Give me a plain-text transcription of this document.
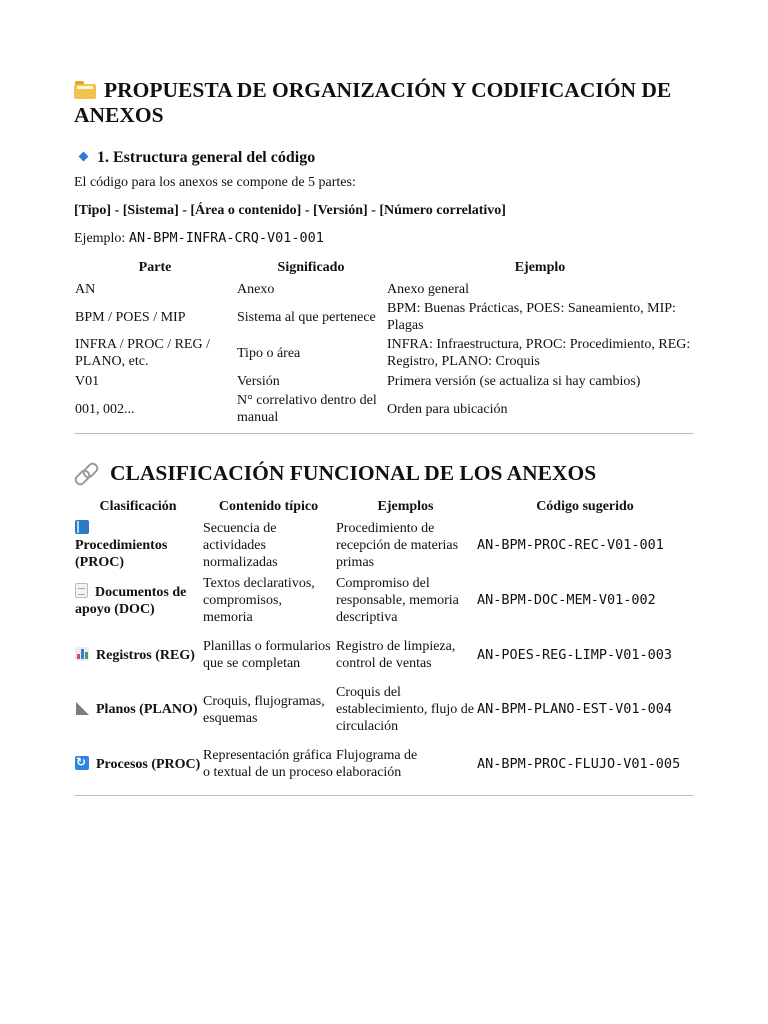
PROPUESTA DE ORGANIZACIÓN Y CODIFICACIÓN DE ANEXOS
1. Estructura general del código

El código para los anexos se compone de 5 partes:

[Tipo] - [Sistema] - [Área o contenido] - [Versión] - [Número correlativo]

Ejemplo: AN-BPM-INFRA-CRQ-V01-001

Parte	Significado	Ejemplo
AN	Anexo	Anexo general
BPM / POES / MIP	Sistema al que pertenece	BPM: Buenas Prácticas, POES: Saneamiento, MIP: Plagas
INFRA / PROC / REG / PLANO, etc.	Tipo o área	INFRA: Infraestructura, PROC: Procedimiento, REG: Registro, PLANO: Croquis
V01	Versión	Primera versión (se actualiza si hay cambios)
001, 002...	N° correlativo dentro del manual	Orden para ubicación
CLASIFICACIÓN FUNCIONAL DE LOS ANEXOS
Clasificación	Contenido típico	Ejemplos	Código sugerido

Procedimientos (PROC)	Secuencia de actividades normalizadas	Procedimiento de recepción de materias primas	AN-BPM-PROC-REC-V01-001
Documentos de apoyo (DOC)	Textos declarativos, compromisos, memoria	Compromiso del responsable, memoria descriptiva	AN-BPM-DOC-MEM-V01-002

Registros (REG)	Planillas o formularios que se completan	Registro de limpieza, control de ventas	AN-POES-REG-LIMP-V01-003
Planos (PLANO)	Croquis, flujogramas, esquemas	Croquis del establecimiento, flujo de circulación	AN-BPM-PLANO-EST-V01-004
↻Procesos (PROC)	Representación gráfica o textual de un proceso	Flujograma de elaboración	AN-BPM-PROC-FLUJO-V01-005
